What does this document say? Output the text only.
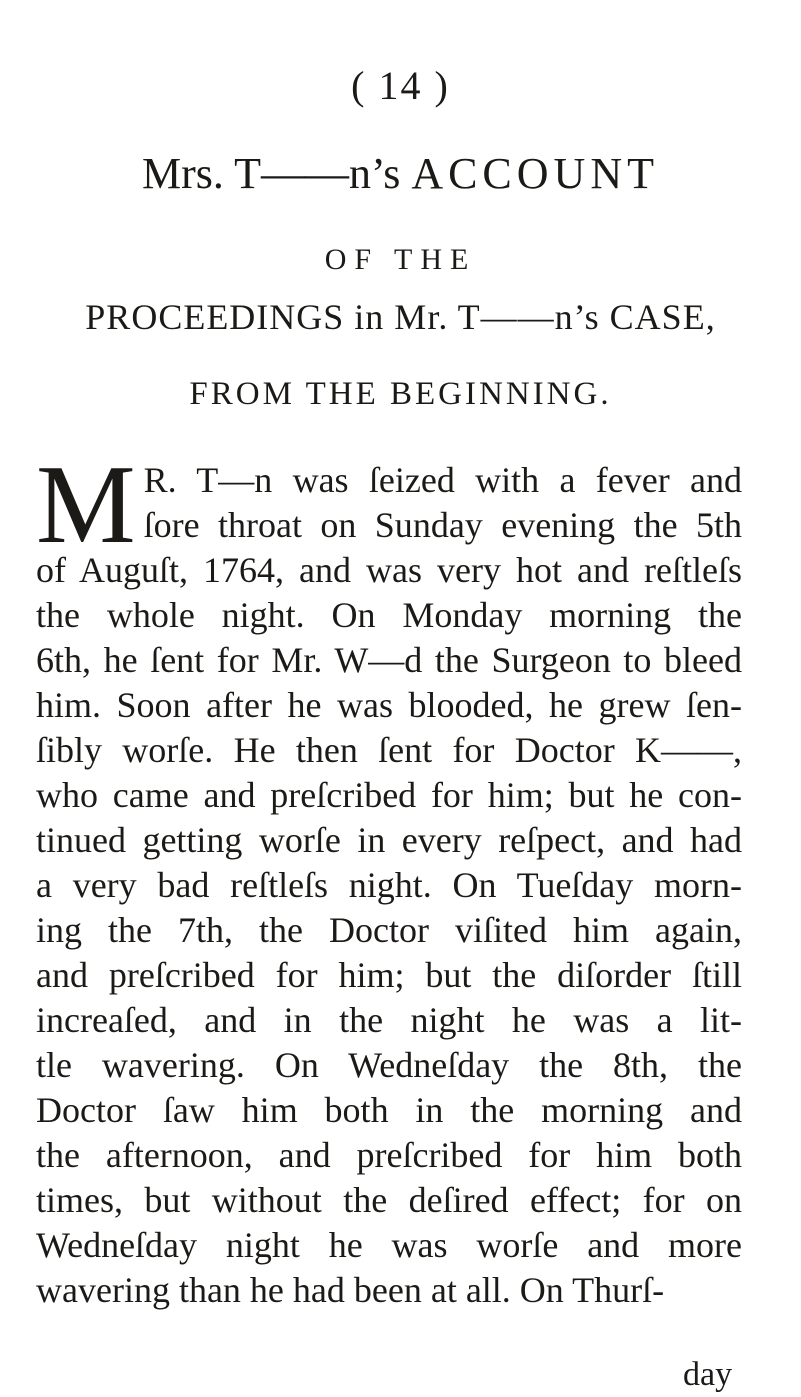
( 14 )
Mrs. T——n’s ACCOUNT
OF THE
PROCEEDINGS in Mr. T——n’s CASE,
FROM THE BEGINNING.
M R. T—n was ſeized with a fever and
ſore throat on Sunday evening the 5th
of Auguſt, 1764, and was very hot and reſtleſs
the whole night. On Monday morning the
6th, he ſent for Mr. W—d the Surgeon to bleed
him. Soon after he was blooded, he grew ſen-
ſibly worſe. He then ſent for Doctor K——,
who came and preſcribed for him; but he con-
tinued getting worſe in every reſpect, and had
a very bad reſtleſs night. On Tueſday morn-
ing the 7th, the Doctor viſited him again,
and preſcribed for him; but the diſorder ſtill
increaſed, and in the night he was a lit-
tle wavering. On Wedneſday the 8th, the
Doctor ſaw him both in the morning and
the afternoon, and preſcribed for him both
times, but without the deſired effect; for on
Wedneſday night he was worſe and more
wavering than he had been at all. On Thurſ-
day
